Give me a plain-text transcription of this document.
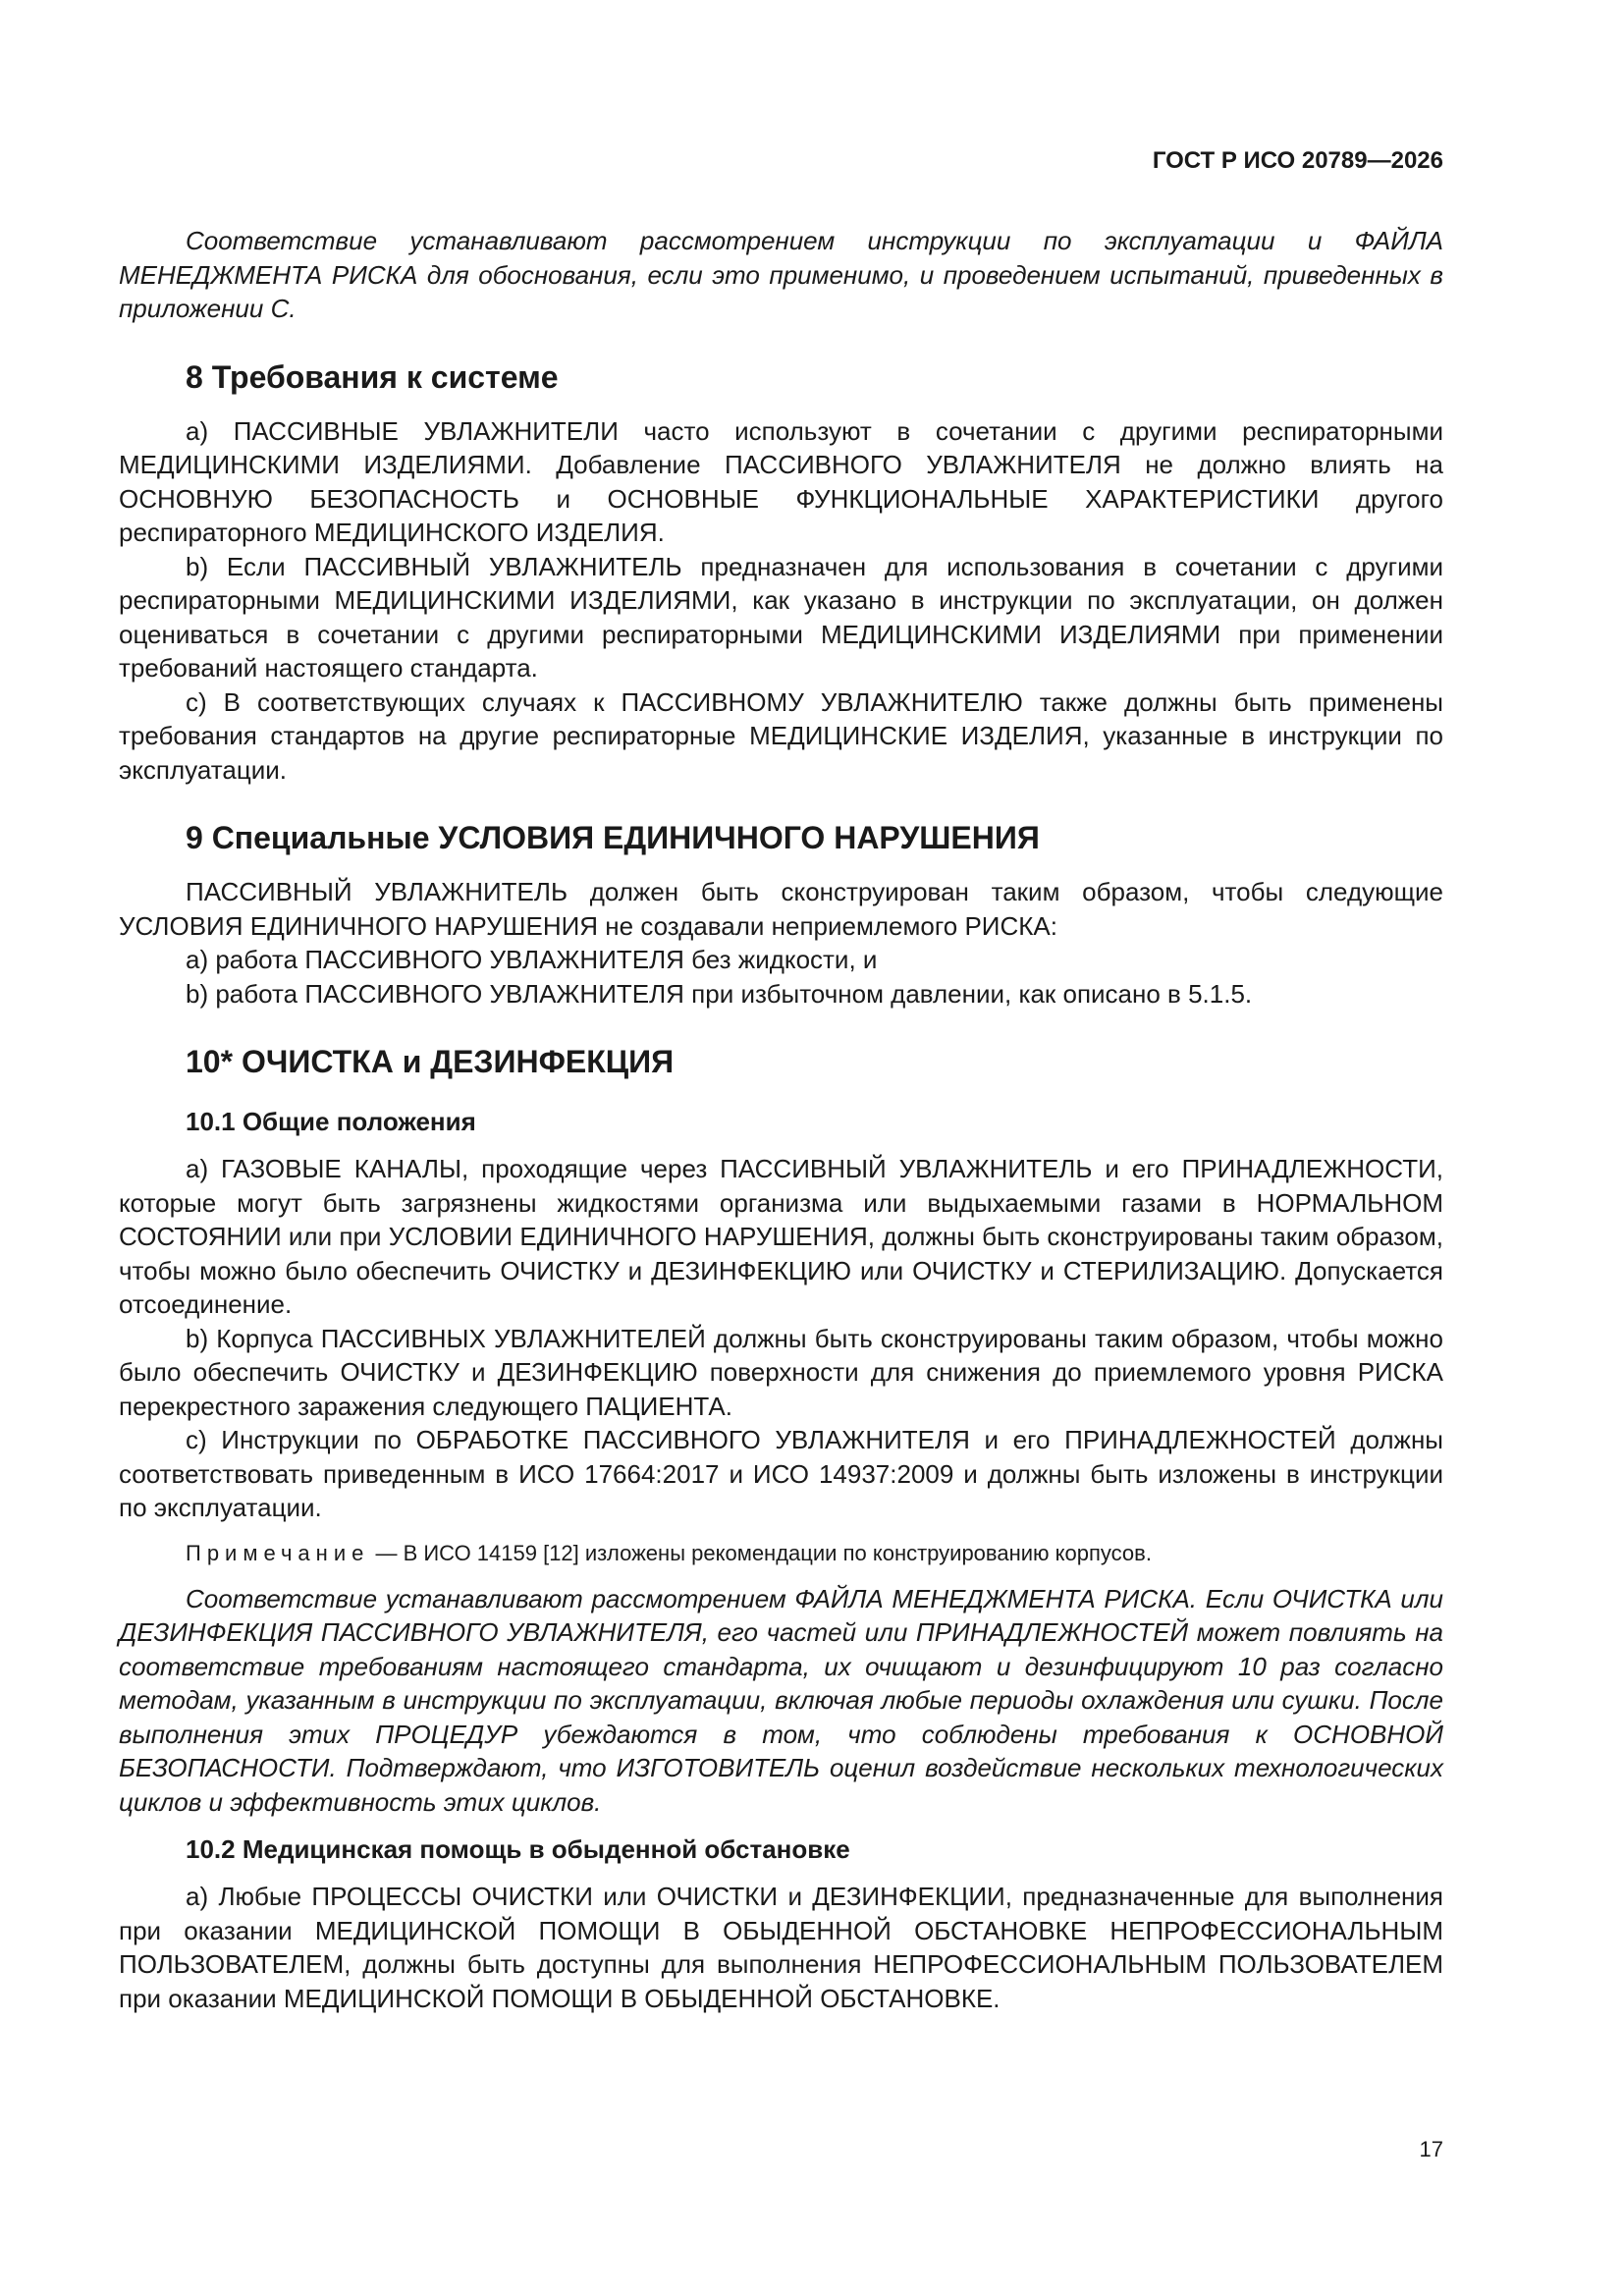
ГОСТ Р ИСО 20789—2026

Соответствие устанавливают рассмотрением инструкции по эксплуатации и ФАЙЛА МЕНЕДЖМЕНТА РИСКА для обоснования, если это применимо, и проведением испытаний, приведенных в приложении С.

8 Требования к системе

a) ПАССИВНЫЕ УВЛАЖНИТЕЛИ часто используют в сочетании с другими респираторными МЕДИЦИНСКИМИ ИЗДЕЛИЯМИ. Добавление ПАССИВНОГО УВЛАЖНИТЕЛЯ не должно влиять на ОСНОВНУЮ БЕЗОПАСНОСТЬ и ОСНОВНЫЕ ФУНКЦИОНАЛЬНЫЕ ХАРАКТЕРИСТИКИ другого респираторного МЕДИЦИНСКОГО ИЗДЕЛИЯ.

b) Если ПАССИВНЫЙ УВЛАЖНИТЕЛЬ предназначен для использования в сочетании с другими респираторными МЕДИЦИНСКИМИ ИЗДЕЛИЯМИ, как указано в инструкции по эксплуатации, он должен оцениваться в сочетании с другими респираторными МЕДИЦИНСКИМИ ИЗДЕЛИЯМИ при применении требований настоящего стандарта.

c) В соответствующих случаях к ПАССИВНОМУ УВЛАЖНИТЕЛЮ также должны быть применены требования стандартов на другие респираторные МЕДИЦИНСКИЕ ИЗДЕЛИЯ, указанные в инструкции по эксплуатации.

9 Специальные УСЛОВИЯ ЕДИНИЧНОГО НАРУШЕНИЯ

ПАССИВНЫЙ УВЛАЖНИТЕЛЬ должен быть сконструирован таким образом, чтобы следующие УСЛОВИЯ ЕДИНИЧНОГО НАРУШЕНИЯ не создавали неприемлемого РИСКА:

a) работа ПАССИВНОГО УВЛАЖНИТЕЛЯ без жидкости, и

b) работа ПАССИВНОГО УВЛАЖНИТЕЛЯ при избыточном давлении, как описано в 5.1.5.

10* ОЧИСТКА и ДЕЗИНФЕКЦИЯ
10.1 Общие положения

a) ГАЗОВЫЕ КАНАЛЫ, проходящие через ПАССИВНЫЙ УВЛАЖНИТЕЛЬ и его ПРИНАДЛЕЖНОСТИ, которые могут быть загрязнены жидкостями организма или выдыхаемыми газами в НОРМАЛЬНОМ СОСТОЯНИИ или при УСЛОВИИ ЕДИНИЧНОГО НАРУШЕНИЯ, должны быть сконструированы таким образом, чтобы можно было обеспечить ОЧИСТКУ и ДЕЗИНФЕКЦИЮ или ОЧИСТКУ и СТЕРИЛИЗАЦИЮ. Допускается отсоединение.

b) Корпуса ПАССИВНЫХ УВЛАЖНИТЕЛЕЙ должны быть сконструированы таким образом, чтобы можно было обеспечить ОЧИСТКУ и ДЕЗИНФЕКЦИЮ поверхности для снижения до приемлемого уровня РИСКА перекрестного заражения следующего ПАЦИЕНТА.

c) Инструкции по ОБРАБОТКЕ ПАССИВНОГО УВЛАЖНИТЕЛЯ и его ПРИНАДЛЕЖНОСТЕЙ должны соответствовать приведенным в ИСО 17664:2017 и ИСО 14937:2009 и должны быть изложены в инструкции по эксплуатации.

Примечание — В ИСО 14159 [12] изложены рекомендации по конструированию корпусов.

Соответствие устанавливают рассмотрением ФАЙЛА МЕНЕДЖМЕНТА РИСКА. Если ОЧИСТКА или ДЕЗИНФЕКЦИЯ ПАССИВНОГО УВЛАЖНИТЕЛЯ, его частей или ПРИНАДЛЕЖНОСТЕЙ может повлиять на соответствие требованиям настоящего стандарта, их очищают и дезинфицируют 10 раз согласно методам, указанным в инструкции по эксплуатации, включая любые периоды охлаждения или сушки. После выполнения этих ПРОЦЕДУР убеждаются в том, что соблюдены требования к ОСНОВНОЙ БЕЗОПАСНОСТИ. Подтверждают, что ИЗГОТОВИТЕЛЬ оценил воздействие нескольких технологических циклов и эффективность этих циклов.

10.2 Медицинская помощь в обыденной обстановке

a) Любые ПРОЦЕССЫ ОЧИСТКИ или ОЧИСТКИ и ДЕЗИНФЕКЦИИ, предназначенные для выполнения при оказании МЕДИЦИНСКОЙ ПОМОЩИ В ОБЫДЕННОЙ ОБСТАНОВКЕ НЕПРОФЕССИОНАЛЬНЫМ ПОЛЬЗОВАТЕЛЕМ, должны быть доступны для выполнения НЕПРОФЕССИОНАЛЬНЫМ ПОЛЬЗОВАТЕЛЕМ при оказании МЕДИЦИНСКОЙ ПОМОЩИ В ОБЫДЕННОЙ ОБСТАНОВКЕ.

17
